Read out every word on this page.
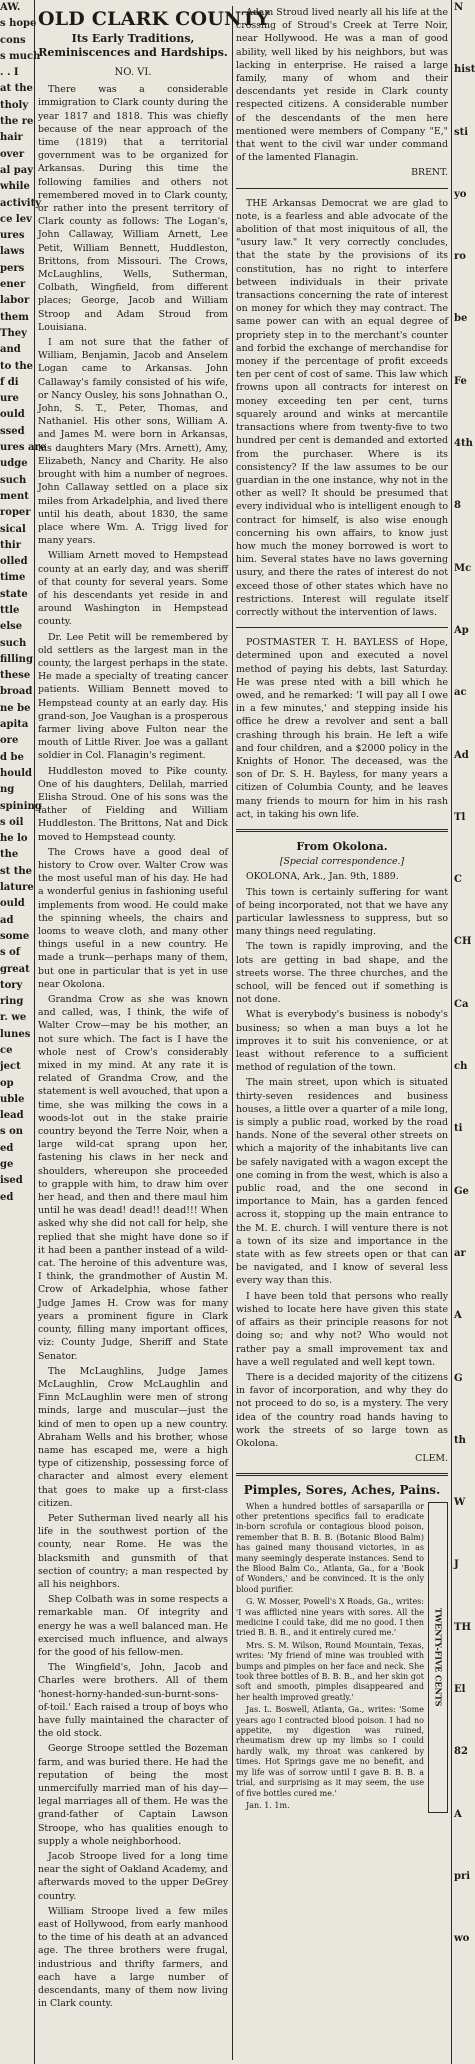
AW.
s hope
cons
s much
. . I
at the
tholy
the re
hair
over
al pay
while
activity
ce lev
ures
laws
pers
ener
labor
them
They
and
to the
f di
ure
ould
ssed
ures are
udge
such
ment
roper
sical
thir
olled
time
state
ttle
else
such
filling
these
broad
ne be
apita
ore
d be
hould
ng
spining
s oil
he lo
the
st the
lature
ould
ad
some
s of
great
tory
ring
r. we
lunes
ce
ject
op
uble
lead
s on
ed
ge
ised
ed
OLD CLARK COUNTY
Its Early Traditions, Reminiscences and Hardships.
NO. VI.

There was a considerable immigration to Clark county during the year 1817 and 1818. This was chiefly because of the near approach of the time (1819) that a territorial government was to be organized for Arkansas. During this time the following families and others not remembered moved in to Clark county, or rather into the present territory of Clark county as follows: The Logan's, John Callaway, William Arnett, Lee Petit, William Bennett, Huddleston, Brittons, from Missouri. The Crows, McLaughlins, Wells, Sutherman, Colbath, Wingfield, from different places; George, Jacob and William Stroop and Adam Stroud from Louisiana.

I am not sure that the father of William, Benjamin, Jacob and Anselem Logan came to Arkansas. John Callaway's family consisted of his wife, or Nancy Ousley, his sons Johnathan O., John, S. T., Peter, Thomas, and Nathaniel. His other sons, William A. and James M. were born in Arkansas, his daughters Mary (Mrs. Arnett), Amy, Elizabeth, Nancy and Charity. He also brought with him a number of negroes. John Callaway settled on a place six miles from Arkadelphia, and lived there until his death, about 1830, the same place where Wm. A. Trigg lived for many years.

William Arnett moved to Hempstead county at an early day, and was sheriff of that county for several years. Some of his descendants yet reside in and around Washington in Hempstead county.

Dr. Lee Petit will be remembered by old settlers as the largest man in the county, the largest perhaps in the state. He made a specialty of treating cancer patients. William Bennett moved to Hempstead county at an early day. His grand-son, Joe Vaughan is a prosperous farmer living above Fulton near the mouth of Little River. Joe was a gallant soldier in Col. Flanagin's regiment.

Huddleston moved to Pike county. One of his daughters, Delilah, married Elisha Stroud. One of his sons was the father of Fielding and William Huddleston. The Brittons, Nat and Dick moved to Hempstead county.

The Crows have a good deal of history to Crow over. Walter Crow was the most useful man of his day. He had a wonderful genius in fashioning useful implements from wood. He could make the spinning wheels, the chairs and looms to weave cloth, and many other things useful in a new country. He made a trunk—perhaps many of them, but one in particular that is yet in use near Okolona.

Grandma Crow as she was known and called, was, I think, the wife of Walter Crow—may be his mother, an not sure which. The fact is I have the whole nest of Crow's considerably mixed in my mind. At any rate it is related of Grandma Crow, and the statement is well avouched, that upon a time, she was milking the cows in a woods-lot out in the stake prairie country beyond the Terre Noir, when a large wild-cat sprang upon her, fastening his claws in her neck and shoulders, whereupon she proceeded to grapple with him, to draw him over her head, and then and there maul him until he was dead! dead!! dead!!! When asked why she did not call for help, she replied that she might have done so if it had been a panther instead of a wild-cat. The heroine of this adventure was, I think, the grandmother of Austin M. Crow of Arkadelphia, whose father Judge James H. Crow was for many years a prominent figure in Clark county, filling many important offices, viz: County Judge, Sheriff and State Senator.

The McLaughlins, Judge James McLaughlin, Crow McLaughlin and Finn McLaughlin were men of strong minds, large and muscular—just the kind of men to open up a new country. Abraham Wells and his brother, whose name has escaped me, were a high type of citizenship, possessing force of character and almost every element that goes to make up a first-class citizen.

Peter Sutherman lived nearly all his life in the southwest portion of the county, near Rome. He was the blacksmith and gunsmith of that section of country; a man respected by all his neighbors.

Shep Colbath was in some respects a remarkable man. Of integrity and energy he was a well balanced man. He exercised much influence, and always for the good of his fellow-men.

The Wingfield's, John, Jacob and Charles were brothers. All of them 'honest-horny-handed-sun-burnt-sons-of-toil.' Each raised a troup of boys who have fully maintained the character of the old stock.

George Stroope settled the Bozeman farm, and was buried there. He had the reputation of being the most unmercifully married man of his day—legal marriages all of them. He was the grand-father of Captain Lawson Stroope, who has qualities enough to supply a whole neighborhood.

Jacob Stroope lived for a long time near the sight of Oakland Academy, and afterwards moved to the upper DeGrey country.

William Stroope lived a few miles east of Hollywood, from early manhood to the time of his death at an advanced age. The three brothers were frugal, industrious and thrifty farmers, and each have a large number of descendants, many of them now living in Clark county.

Adam Stroud lived nearly all his life at the crossing of Stroud's Creek at Terre Noir, near Hollywood. He was a man of good ability, well liked by his neighbors, but was lacking in enterprise. He raised a large family, many of whom and their descendants yet reside in Clark county respected citizens. A considerable number of the descendants of the men here mentioned were members of Company "E," that went to the civil war under command of the lamented Flanagin.

BRENT.

THE Arkansas Democrat we are glad to note, is a fearless and able advocate of the abolition of that most iniquitous of all, the "usury law." It very correctly concludes, that the state by the provisions of its constitution, has no right to interfere between individuals in their private transactions concerning the rate of interest on money for which they may contract. The same power can with an equal degree of propriety step in to the merchant's counter and forbid the exchange of merchandise for money if the percentage of profit exceeds ten per cent of cost of same. This law which frowns upon all contracts for interest on money exceeding ten per cent, turns squarely around and winks at mercantile transactions where from twenty-five to two hundred per cent is demanded and extorted from the purchaser. Where is its consistency? If the law assumes to be our guardian in the one instance, why not in the other as well? It should be presumed that every individual who is intelligent enough to contract for himself, is also wise enough concerning his own affairs, to know just how much the money borrowed is wort to him. Several states have no laws governing usury, and there the rates of interest do not exceed those of other states which have no restrictions. Interest will regulate itself correctly without the intervention of laws.

POSTMASTER T. H. BAYLESS of Hope, determined upon and executed a novel method of paying his debts, last Saturday. He was prese nted with a bill which he owed, and he remarked: 'I will pay all I owe in a few minutes,' and stepping inside his office he drew a revolver and sent a ball crashing through his brain. He left a wife and four children, and a $2000 policy in the Knights of Honor. The deceased, was the son of Dr. S. H. Bayless, for many years a citizen of Columbia County, and he leaves many friends to mourn for him in his rash act, in taking his own life.

From Okolona.
[Special correspondence.]

OKOLONA, Ark., Jan. 9th, 1889.

This town is certainly suffering for want of being incorporated, not that we have any particular lawlessness to suppress, but so many things need regulating.

The town is rapidly improving, and the lots are getting in bad shape, and the streets worse. The three churches, and the school, will be fenced out if something is not done.

What is everybody's business is nobody's business; so when a man buys a lot he improves it to suit his convenience, or at least without reference to a sufficient method of regulation of the town.

The main street, upon which is situated thirty-seven residences and business houses, a little over a quarter of a mile long, is simply a public road, worked by the road hands. None of the several other streets on which a majority of the inhabitants live can be safely navigated with a wagon except the one coming in from the west, which is also a public road, and the one second in importance to Main, has a garden fenced across it, stopping up the main entrance to the M. E. church. I will venture there is not a town of its size and importance in the state with as few streets open or that can be navigated, and I know of several less every way than this.

I have been told that persons who really wished to locate here have given this state of affairs as their principle reasons for not doing so; and why not? Who would not rather pay a small improvement tax and have a well regulated and well kept town.

There is a decided majority of the citizens in favor of incorporation, and why they do not proceed to do so, is a mystery. The very idea of the country road hands having to work the streets of so large town as Okolona.

CLEM.
Pimples, Sores, Aches, Pains.

When a hundred bottles of sarsaparilla or other pretentions specifics fail to eradicate in-born scrofula or contagious blood poison, remember that B. B. B. (Botanic Blood Balm) has gained many thousand victories, in as many seemingly desperate instances. Send to the Blood Balm Co., Atlanta, Ga., for a 'Book of Wonders,' and be convinced. It is the only blood purifier.

G. W. Mosser, Powell's X Roads, Ga., writes: 'I was afflicted nine years with sores. All the medicine I could take, did me no good. I then tried B. B. B., and it entirely cured me.'

Mrs. S. M. Wilson, Round Mountain, Texas, writes: 'My friend of mine was troubled with bumps and pimples on her face and neck. She took three bottles of B. B. B., and her skin got soft and smooth, pimples disappeared and her health improved greatly.'

Jas. L. Boswell, Atlanta, Ga., writes: 'Some years ago I contracted blood poison. I had no appetite, my digestion was ruined, rheumatism drew up my limbs so I could hardly walk, my throat was cankered by times. Hot Springs gave me no benefit, and my life was of sorrow until I gave B. B. B. a trial, and surprising as it may seem, the use of five bottles cured me.'

Jan. 1. 1m.

TWENTY-FIVE CENTS
N
hist
sti
yo
ro
be
Fe
4th
8
Mc
Ap
ac
Ad
Tl
C
CH
Ca
ch
ti
Ge
ar
A
G
th
W
J
TH
El
82
A
pri
wo
